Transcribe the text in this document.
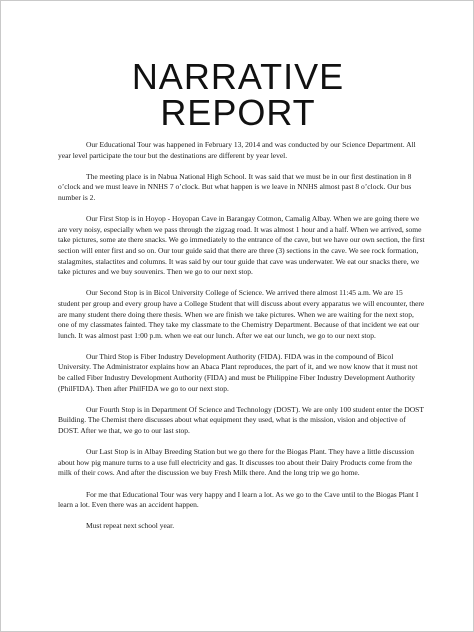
NARRATIVE
REPORT

Our Educational Tour was happened in February 13, 2014 and was conducted by our Science Department. All year level participate the tour but the destinations are different by year level.

The meeting place is in Nabua National High School. It was said that we must be in our first destination in 8 o’clock and we must leave in NNHS 7 o’clock. But what happen is we leave in NNHS almost past 8 o’clock. Our bus number is 2.

Our First Stop is in Hoyop - Hoyopan Cave in Barangay Cotmon, Camalig Albay. When we are going there we are very noisy, especially when we pass through the zigzag road. It was almost 1 hour and a half. When we arrived, some take pictures, some ate there snacks. We go immediately to the entrance of the cave, but we have our own section, the first section will enter first and so on. Our tour guide said that there are three (3) sections in the cave. We see rock formation, stalagmites, stalactites and columns. It was said by our tour guide that cave was underwater. We eat our snacks there, we take pictures and we buy souvenirs. Then we go to our next stop.

Our Second Stop is in Bicol University College of Science. We arrived there almost 11:45 a.m. We are 15 student per group and every group have a College Student that will discuss about every apparatus we will encounter, there are many student there doing there thesis. When we are finish we take pictures. When we are waiting for the next stop, one of my classmates fainted. They take my classmate to the Chemistry Department. Because of that incident we eat our lunch. It was almost past 1:00 p.m. when we eat our lunch. After we eat our lunch, we go to our next stop.

Our Third Stop is Fiber Industry Development Authority (FIDA). FIDA was in the compound of Bicol University. The Administrator explains how an Abaca Plant reproduces, the part of it, and we now know that it must not be called Fiber Industry Development Authority (FIDA) and must be Philippine Fiber Industry Development Authority (PhilFIDA). Then after PhilFIDA we go to our next stop.

Our Fourth Stop is in Department Of Science and Technology (DOST). We are only 100 student enter the DOST Building. The Chemist there discusses about what equipment they used, what is the mission, vision and objective of DOST. After we that, we go to our last stop.

Our Last Stop is in Albay Breeding Station but we go there for the Biogas Plant. They have a little discussion about how pig manure turns to a use full electricity and gas. It discusses too about their Dairy Products come from the milk of their cows. And after the discussion we buy Fresh Milk there. And the long trip we go home.

For me that Educational Tour was very happy and I learn a lot. As we go to the Cave until to the Biogas Plant I learn a lot. Even there was an accident happen.

Must repeat next school year.
